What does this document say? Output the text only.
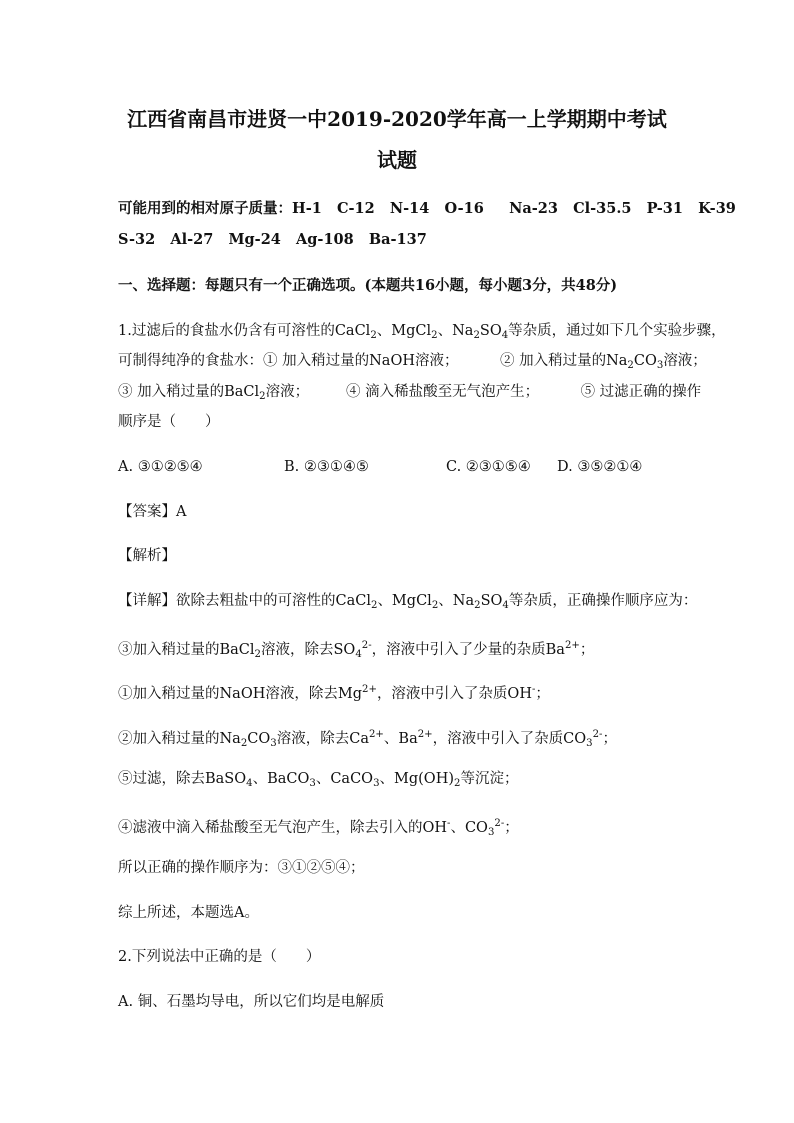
江西省南昌市进贤一中2019-2020学年高一上学期期中考试
试题
可能用到的相对原子质量：H-1 C-12 N-14 O-16 Na-23 Cl-35.5 P-31 K-39
S-32 Al-27 Mg-24 Ag-108 Ba-137
一、选择题：每题只有一个正确选项。(本题共16小题，每小题3分，共48分)
1.过滤后的食盐水仍含有可溶性的CaCl$_2$、MgCl$_2$、$Na_2SO_4$等杂质，通过如下几个实验步骤，
可制得纯净的食盐水：① 加入稍过量的NaOH溶液；	② 加入稍过量的$Na_2CO_3$溶液；
③ 加入稍过量的BaCl$_2$溶液；	④ 滴入稀盐酸至无气泡产生；	⑤ 过滤正确的操作
顺序是（　　）
A. ③①②⑤④	B. ②③①④⑤	C. ②③①⑤④ D. ③⑤②①④
【答案】A
【解析】
【详解】欲除去粗盐中的可溶性的CaCl$_2$、MgCl$_2$、$Na_2SO_4$等杂质，正确操作顺序应为：
③加入稍过量的BaCl$_2$溶液，除去$SO_4^{2-}$，溶液中引入了少量的杂质$Ba^{2+}$；
①加入稍过量的NaOH溶液，除去$Mg^{2+}$，溶液中引入了杂质OH-；
②加入稍过量的$Na_2CO_3$溶液，除去$Ca^{2+}$、$Ba^{2+}$，溶液中引入了杂质$CO_3^{2-}$；
⑤过滤，除去BaSO$_4$、BaCO$_3$、CaCO$_3$、$Mg(OH)_2$等沉淀；
④滤液中滴入稀盐酸至无气泡产生，除去引入的OH-、$CO_3^{2-}$；
所以正确的操作顺序为：③①②⑤④；
综上所述，本题选A。
2.下列说法中正确的是（　　）
A. 铜、石墨均导电，所以它们均是电解质
